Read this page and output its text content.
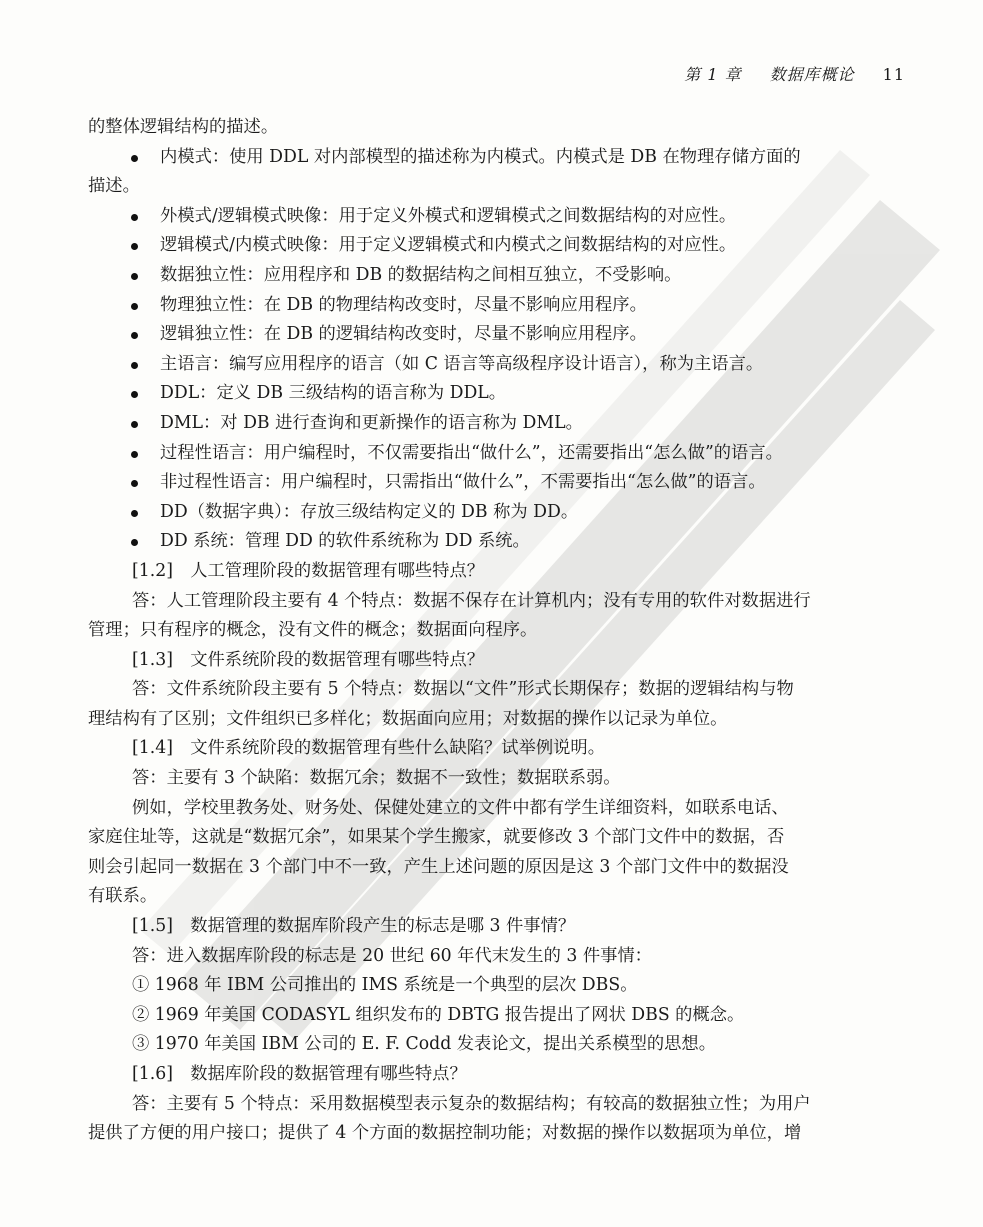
第 1 章 数据库概论 11
的整体逻辑结构的描述。
内模式：使用 DDL 对内部模型的描述称为内模式。内模式是 DB 在物理存储方面的
描述。
外模式/逻辑模式映像：用于定义外模式和逻辑模式之间数据结构的对应性。
逻辑模式/内模式映像：用于定义逻辑模式和内模式之间数据结构的对应性。
数据独立性：应用程序和 DB 的数据结构之间相互独立，不受影响。
物理独立性：在 DB 的物理结构改变时，尽量不影响应用程序。
逻辑独立性：在 DB 的逻辑结构改变时，尽量不影响应用程序。
主语言：编写应用程序的语言（如 C 语言等高级程序设计语言），称为主语言。
DDL：定义 DB 三级结构的语言称为 DDL。
DML：对 DB 进行查询和更新操作的语言称为 DML。
过程性语言：用户编程时，不仅需要指出“做什么”，还需要指出“怎么做”的语言。
非过程性语言：用户编程时，只需指出“做什么”，不需要指出“怎么做”的语言。
DD（数据字典）：存放三级结构定义的 DB 称为 DD。
DD 系统：管理 DD 的软件系统称为 DD 系统。
[1.2]　人工管理阶段的数据管理有哪些特点？
答：人工管理阶段主要有 4 个特点：数据不保存在计算机内；没有专用的软件对数据进行
管理；只有程序的概念，没有文件的概念；数据面向程序。
[1.3]　文件系统阶段的数据管理有哪些特点？
答：文件系统阶段主要有 5 个特点：数据以“文件”形式长期保存；数据的逻辑结构与物
理结构有了区别；文件组织已多样化；数据面向应用；对数据的操作以记录为单位。
[1.4]　文件系统阶段的数据管理有些什么缺陷？试举例说明。
答：主要有 3 个缺陷：数据冗余；数据不一致性；数据联系弱。
例如，学校里教务处、财务处、保健处建立的文件中都有学生详细资料，如联系电话、
家庭住址等，这就是“数据冗余”，如果某个学生搬家，就要修改 3 个部门文件中的数据，否
则会引起同一数据在 3 个部门中不一致，产生上述问题的原因是这 3 个部门文件中的数据没
有联系。
[1.5]　数据管理的数据库阶段产生的标志是哪 3 件事情？
答：进入数据库阶段的标志是 20 世纪 60 年代末发生的 3 件事情：
① 1968 年 IBM 公司推出的 IMS 系统是一个典型的层次 DBS。
② 1969 年美国 CODASYL 组织发布的 DBTG 报告提出了网状 DBS 的概念。
③ 1970 年美国 IBM 公司的 E. F. Codd 发表论文，提出关系模型的思想。
[1.6]　数据库阶段的数据管理有哪些特点？
答：主要有 5 个特点：采用数据模型表示复杂的数据结构；有较高的数据独立性；为用户
提供了方便的用户接口；提供了 4 个方面的数据控制功能；对数据的操作以数据项为单位，增
